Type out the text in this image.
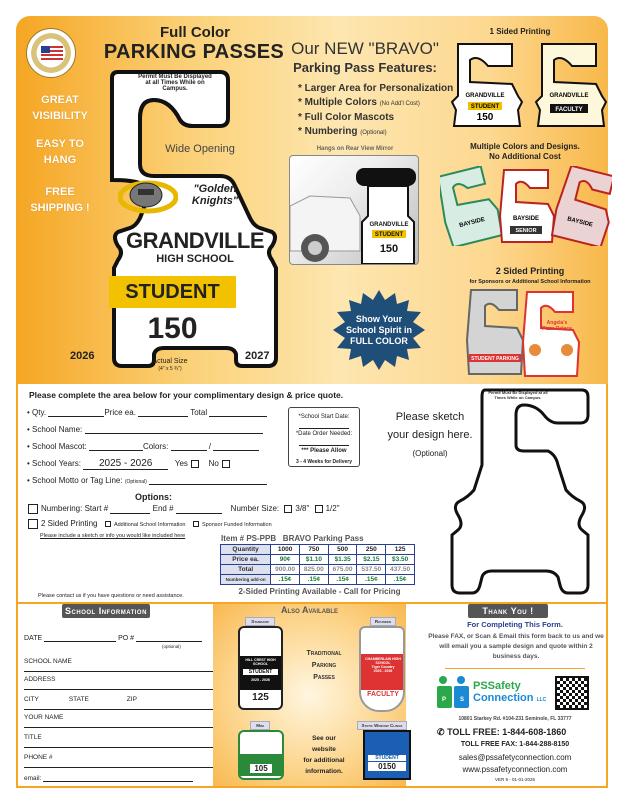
Full Color
PARKING PASSES
GREAT VISIBILITY
EASY TO HANG
FREE SHIPPING !
Permit Must Be Displayed at all Times While on Campus.
Wide Opening
"Golden Knights"
GRANDVILLE
HIGH SCHOOL
STUDENT
150
2026	2027
Actual Size
(4" x 5 ¾")
Our NEW "BRAVO"
Parking Pass Features:
* Larger Area for Personalization
* Multiple Colors (No Add'l Cost)
* Full Color Mascots
* Numbering (Optional)
Hangs on Rear View Mirror
STUDENT
150
GRANDVILLE
Show Your
School Spirit in
FULL COLOR
1 Sided Printing
STUDENT
150
GRANDVILLE
FACULTY
GRANDVILLE
Multiple Colors and Designs.
No Additional Cost
BAYSIDE	BAYSIDE
SENIOR
BAYSIDE
2 Sided Printing
for Sponsors or Additional School Information
STUDENT PARKING
Angela's
Pizza Palace
Please complete the area below for your complimentary design & price quote.
• Qty.	Price ea.	Total
• School Name:
• School Mascot:	Colors:	/
• School Years: 2025 - 2026	Yes	No
• School Motto or Tag Line: (Optional)
*School Start Date:
*Date Order Needed:
*** Please Allow
3 - 4 Weeks for Delivery
Options:
Numbering: Start #	End #	Number Size: 3/8" 1/2"
2 Sided Printing	Additional School Information	Sponsor Funded Information
Please include a sketch or info you would like included here
Please contact us if you have questions or need assistance.
Item # PS-PPB   BRAVO Parking Pass
Quantity	1000	750	500	250	125
Price ea.	90¢	$1.10	$1.35	$2.15	$3.50
Total	900.00	825.00	675.00	537.50	437.50
Numbering add-on	.15¢	.15¢	.15¢	.15¢	.15¢
2-Sided Printing Available - Call for Pricing
Please sketch
your design here.
(Optional)
Permit Must Be Displayed at all Times While on Campus.
School Information
DATE	PO #
(optional)
SCHOOL NAME
ADDRESS
CITY	STATE	ZIP
YOUR NAME
TITLE
PHONE #
email:
Also Available
Standard	Rounded
HILL CREST HIGH SCHOOL
STUDENT
2025 - 2026
125
CHAMBERLAIN HIGH SCHOOL
Tiger Country
2025 - 2026
FACULTY
Traditional
Parking
Passes
Mini	Static Window Clings
105
See our
website
for additional
information.
STUDENT
0150
Thank You !
For Completing This Form.
Please FAX, or Scan & Email this form back to us and we will email you a sample design and quote within 2 business days.
P S
PSSafety
Connection LLC
10801 Starkey Rd. #104-231 Seminole, FL 33777
✆ TOLL FREE: 1-844-608-1860
TOLL FREE FAX: 1-844-288-8150
sales@pssafetyconnection.com
www.pssafetyconnection.com
VER 9 - 01-01-2026
